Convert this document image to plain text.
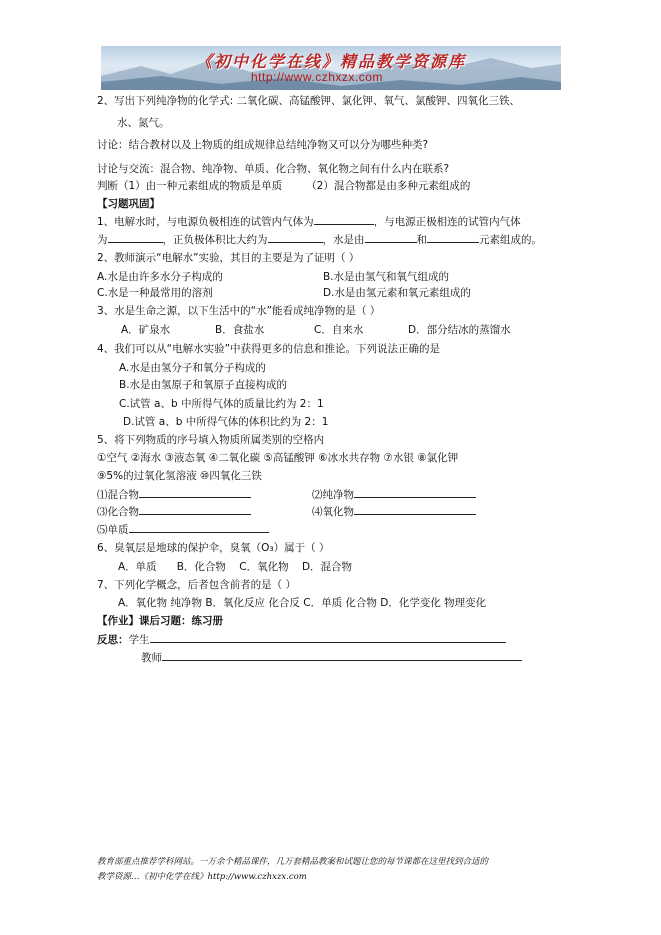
《初中化学在线》精品教学资源库
http://www.czhxzx.com
2、写出下列纯净物的化学式: 二氧化碳、高锰酸钾、氯化钾、氧气、氯酸钾、四氧化三铁、
水、氮气。
讨论：结合教材以及上物质的组成规律总结纯净物又可以分为哪些种类?
讨论与交流：混合物、纯净物、单质、化合物、氧化物之间有什么内在联系?
判断（1）由一种元素组成的物质是单质 （2）混合物都是由多种元素组成的
【习题巩固】
1、电解水时，与电源负极相连的试管内气体为	，与电源正极相连的试管内气体
为	，正负极体积比大约为	，水是由	和	元素组成的。
2、教师演示“电解水”实验，其目的主要是为了证明（ ）
A.水是由许多水分子构成的	B.水是由氢气和氧气组成的
C.水是一种最常用的溶剂	D.水是由氢元素和氧元素组成的
3、水是生命之源，以下生活中的“水”能看成纯净物的是（ ）
A．矿泉水	B．食盐水	C．自来水	D．部分结冰的蒸馏水
4、我们可以从“电解水实验”中获得更多的信息和推论。下列说法正确的是
A.水是由氢分子和氧分子构成的
B.水是由氢原子和氧原子直接构成的
C.试管 a、b 中所得气体的质量比约为 2：1
D.试管 a、b 中所得气体的体积比约为 2：1
5、将下列物质的序号填入物质所属类别的空格内
①空气 ②海水 ③液态氧 ④二氧化碳 ⑤高锰酸钾 ⑥冰水共存物 ⑦水银 ⑧氯化钾
⑨5%的过氧化氢溶液 ⑩四氧化三铁
⑴混合物	⑵纯净物
⑶化合物	⑷氧化物
⑸单质
6、臭氧层是地球的保护伞，臭氧（O₃）属于（ ）
A．单质      B．化合物    C．氧化物    D．混合物
7、下列化学概念，后者包含前者的是（ ）
A．氧化物 纯净物 B．氧化反应 化合反 C．单质 化合物 D．化学变化 物理变化
【作业】课后习题：练习册
反思：学生
教师
教育部重点推荐学科网站。一万余个精品课件，几万套精品教案和试题让您的每节课都在这里找到合适的
教学资源…《初中化学在线》http://www.czhxzx.com
